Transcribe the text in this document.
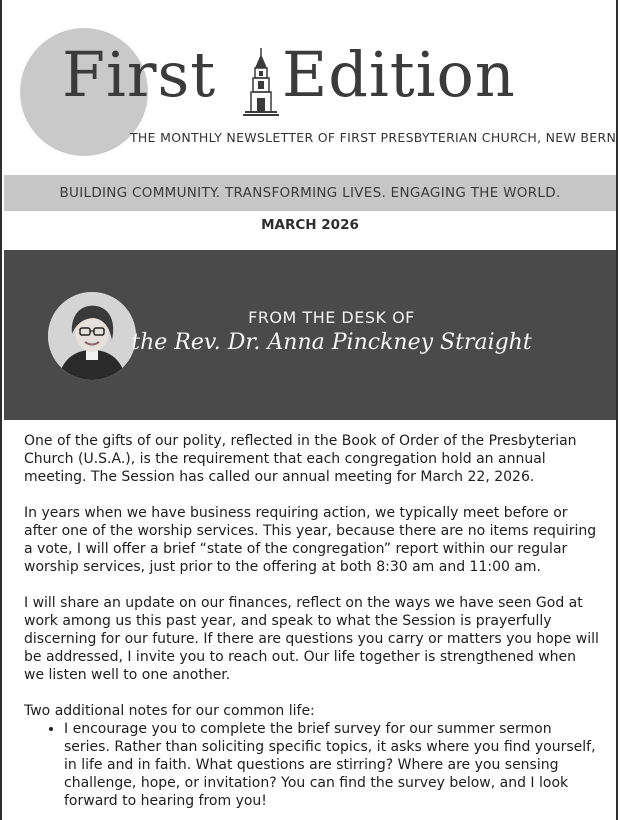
First Edition
THE MONTHLY NEWSLETTER OF FIRST PRESBYTERIAN CHURCH, NEW BERN
BUILDING COMMUNITY. TRANSFORMING LIVES. ENGAGING THE WORLD.
MARCH 2026
FROM THE DESK OF
the Rev. Dr. Anna Pinckney Straight

One of the gifts of our polity, reflected in the Book of Order of the Presbyterian Church (U.S.A.), is the requirement that each congregation hold an annual meeting. The Session has called our annual meeting for March 22, 2026.

In years when we have business requiring action, we typically meet before or after one of the worship services. This year, because there are no items requiring a vote, I will offer a brief “state of the congregation” report within our regular worship services, just prior to the offering at both 8:30 am and 11:00 am.

I will share an update on our finances, reflect on the ways we have seen God at work among us this past year, and speak to what the Session is prayerfully discerning for our future. If there are questions you carry or matters you hope will be addressed, I invite you to reach out. Our life together is strengthened when we listen well to one another.

Two additional notes for our common life:

• I encourage you to complete the brief survey for our summer sermon series. Rather than soliciting specific topics, it asks where you find yourself, in life and in faith. What questions are stirring? Where are you sensing challenge, hope, or invitation? You can find the survey below, and I look forward to hearing from you!
